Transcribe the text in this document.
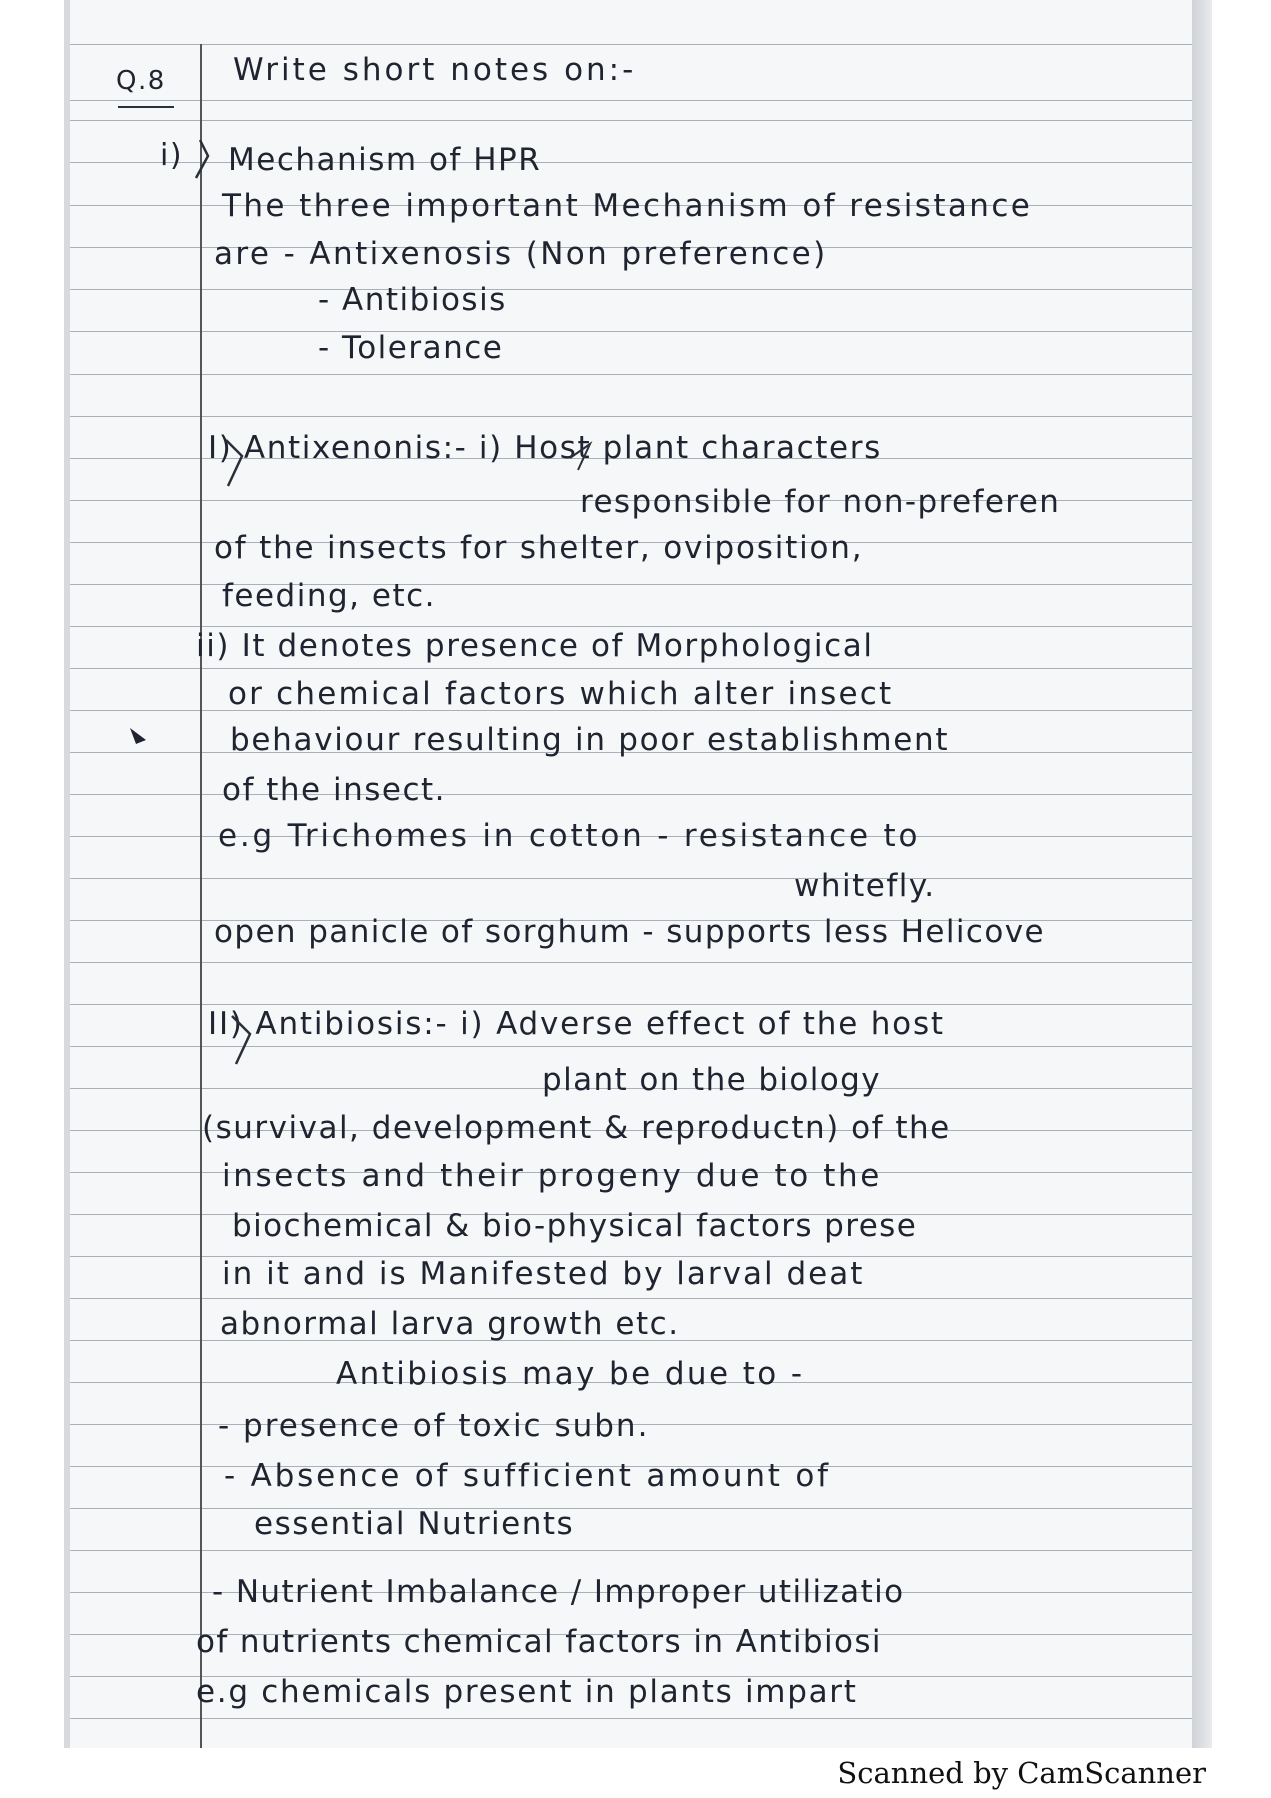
Q.8 Write short notes on:-
i) Mechanism of HPR
The three important Mechanism of resistance
are - Antixenosis (Non preference)
- Antibiosis
- Tolerance
I) Antixenonis:- i) Host plant characters
responsible for non-preferen
of the insects for shelter, oviposition,
feeding, etc.
ii) It denotes presence of Morphological
or chemical factors which alter insect
behaviour resulting in poor establishment
of the insect.
e.g Trichomes in cotton - resistance to
whitefly.
open panicle of sorghum - supports less Helicove
II) Antibiosis:- i) Adverse effect of the host
plant on the biology
(survival, development & reproductn) of the
insects and their progeny due to the
biochemical & bio-physical factors prese
in it and is Manifested by larval deat
abnormal larva growth etc.
Antibiosis may be due to -
- presence of toxic subn.
- Absence of sufficient amount of
essential Nutrients
- Nutrient Imbalance / Improper utilizatio
of nutrients chemical factors in Antibiosi
e.g chemicals present in plants impart
Scanned by CamScanner
